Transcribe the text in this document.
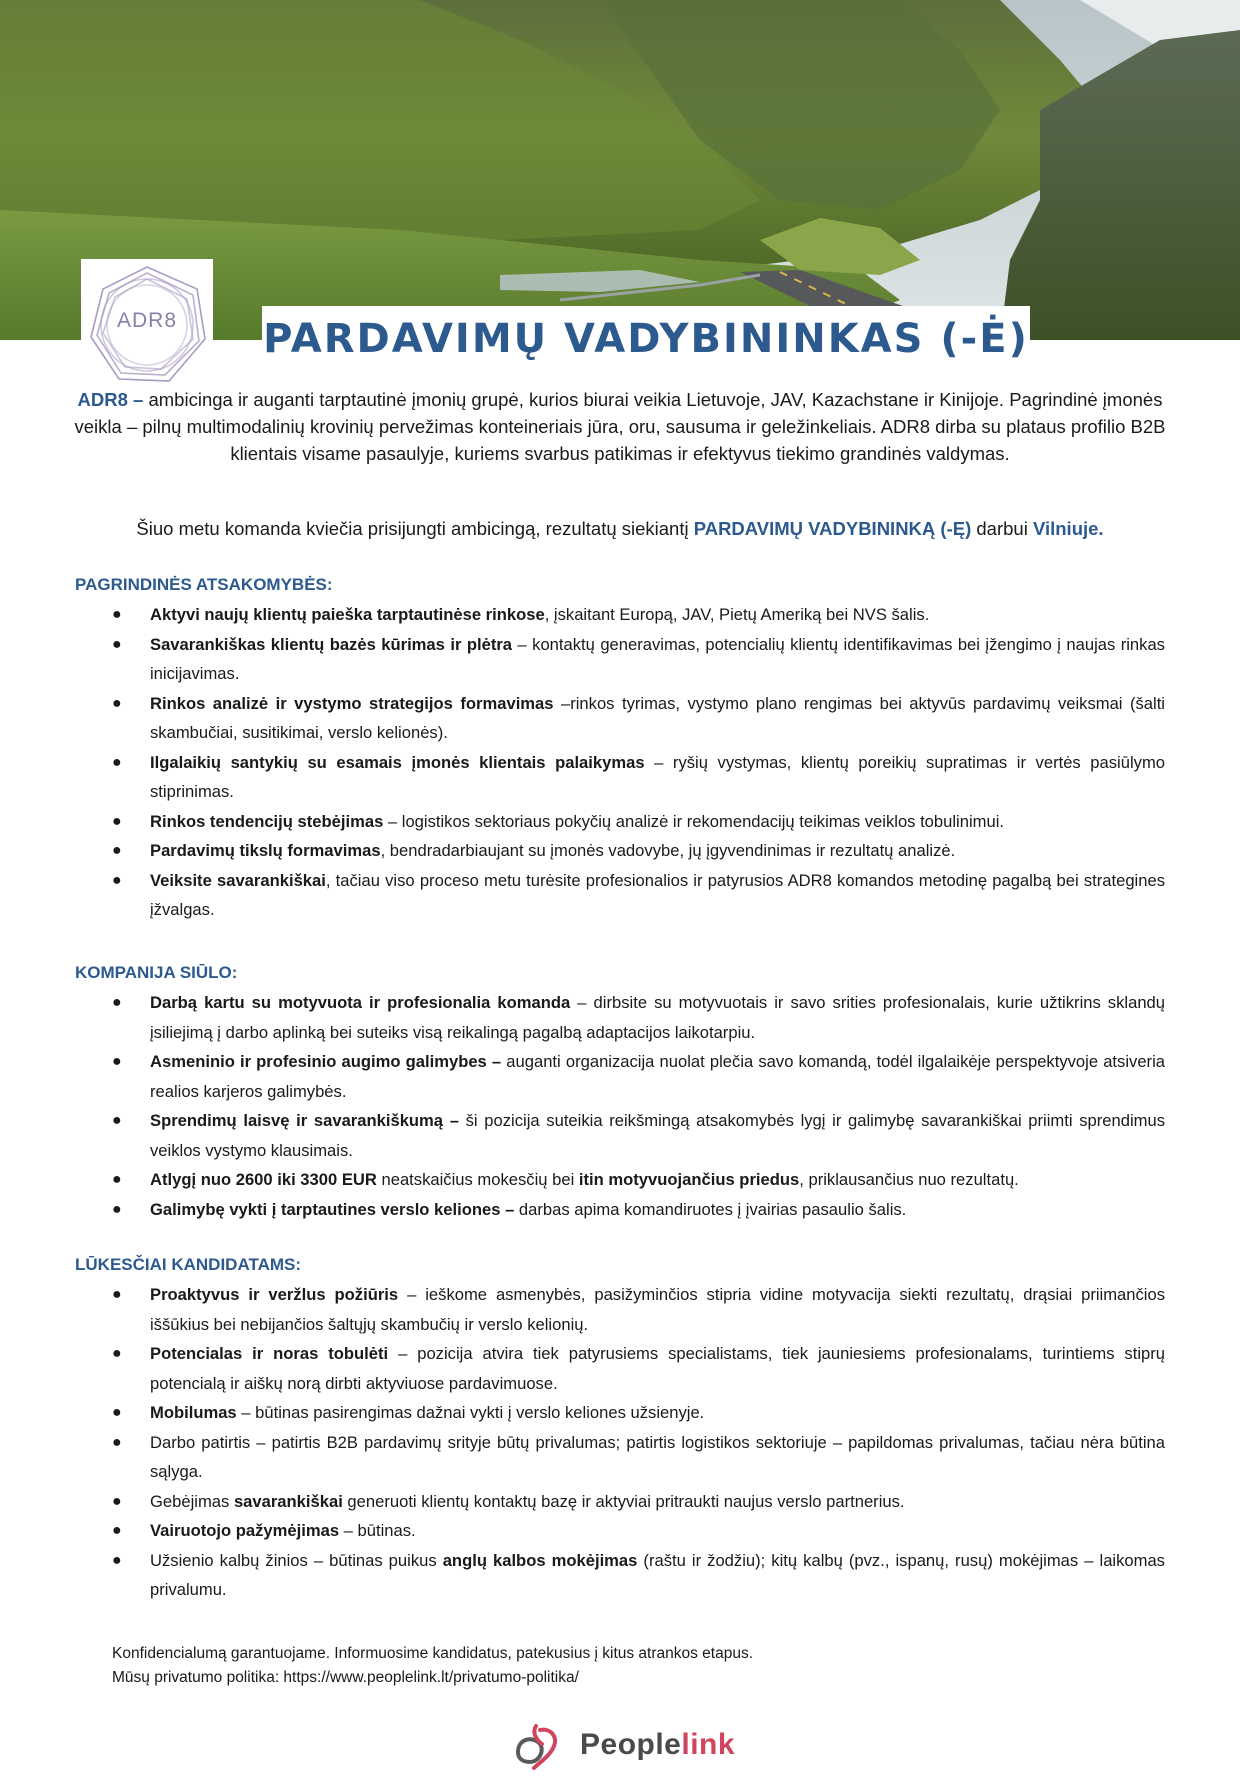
ADR8	PARDAVIMŲ VADYBININKAS (-Ė)
ADR8 – ambicinga ir auganti tarptautinė įmonių grupė, kurios biurai veikia Lietuvoje, JAV, Kazachstane ir Kinijoje. Pagrindinė įmonės veikla – pilnų multimodalinių krovinių pervežimas konteineriais jūra, oru, sausuma ir geležinkeliais. ADR8 dirba su plataus profilio B2B klientais visame pasaulyje, kuriems svarbus patikimas ir efektyvus tiekimo grandinės valdymas.
Šiuo metu komanda kviečia prisijungti ambicingą, rezultatų siekiantį PARDAVIMŲ VADYBININKĄ (-Ę) darbui Vilniuje.
PAGRINDINĖS ATSAKOMYBĖS:
● Aktyvi naujų klientų paieška tarptautinėse rinkose, įskaitant Europą, JAV, Pietų Ameriką bei NVS šalis.
● Savarankiškas klientų bazės kūrimas ir plėtra – kontaktų generavimas, potencialių klientų identifikavimas bei įžengimo į naujas rinkas inicijavimas.
● Rinkos analizė ir vystymo strategijos formavimas –rinkos tyrimas, vystymo plano rengimas bei aktyvūs pardavimų veiksmai (šalti skambučiai, susitikimai, verslo kelionės).
● Ilgalaikių santykių su esamais įmonės klientais palaikymas – ryšių vystymas, klientų poreikių supratimas ir vertės pasiūlymo stiprinimas.
● Rinkos tendencijų stebėjimas – logistikos sektoriaus pokyčių analizė ir rekomendacijų teikimas veiklos tobulinimui.
● Pardavimų tikslų formavimas, bendradarbiaujant su įmonės vadovybe, jų įgyvendinimas ir rezultatų analizė.
● Veiksite savarankiškai, tačiau viso proceso metu turėsite profesionalios ir patyrusios ADR8 komandos metodinę pagalbą bei strategines įžvalgas.
KOMPANIJA SIŪLO:
● Darbą kartu su motyvuota ir profesionalia komanda – dirbsite su motyvuotais ir savo srities profesionalais, kurie užtikrins sklandų įsiliejimą į darbo aplinką bei suteiks visą reikalingą pagalbą adaptacijos laikotarpiu.
● Asmeninio ir profesinio augimo galimybes – auganti organizacija nuolat plečia savo komandą, todėl ilgalaikėje perspektyvoje atsiveria realios karjeros galimybės.
● Sprendimų laisvę ir savarankiškumą – ši pozicija suteikia reikšmingą atsakomybės lygį ir galimybę savarankiškai priimti sprendimus veiklos vystymo klausimais.
● Atlygį nuo 2600 iki 3300 EUR neatskaičius mokesčių bei itin motyvuojančius priedus, priklausančius nuo rezultatų.
● Galimybę vykti į tarptautines verslo keliones – darbas apima komandiruotes į įvairias pasaulio šalis.
LŪKESČIAI KANDIDATAMS:
● Proaktyvus ir veržlus požiūris – ieškome asmenybės, pasižyminčios stipria vidine motyvacija siekti rezultatų, drąsiai priimančios iššūkius bei nebijančios šaltųjų skambučių ir verslo kelionių.
● Potencialas ir noras tobulėti – pozicija atvira tiek patyrusiems specialistams, tiek jauniesiems profesionalams, turintiems stiprų potencialą ir aiškų norą dirbti aktyviuose pardavimuose.
● Mobilumas – būtinas pasirengimas dažnai vykti į verslo keliones užsienyje.
● Darbo patirtis – patirtis B2B pardavimų srityje būtų privalumas; patirtis logistikos sektoriuje – papildomas privalumas, tačiau nėra būtina sąlyga.
● Gebėjimas savarankiškai generuoti klientų kontaktų bazę ir aktyviai pritraukti naujus verslo partnerius.
● Vairuotojo pažymėjimas – būtinas.
● Užsienio kalbų žinios – būtinas puikus anglų kalbos mokėjimas (raštu ir žodžiu); kitų kalbų (pvz., ispanų, rusų) mokėjimas – laikomas privalumu.
Konfidencialumą garantuojame. Informuosime kandidatus, patekusius į kitus atrankos etapus.
Mūsų privatumo politika: https://www.peoplelink.lt/privatumo-politika/
Peoplelink
